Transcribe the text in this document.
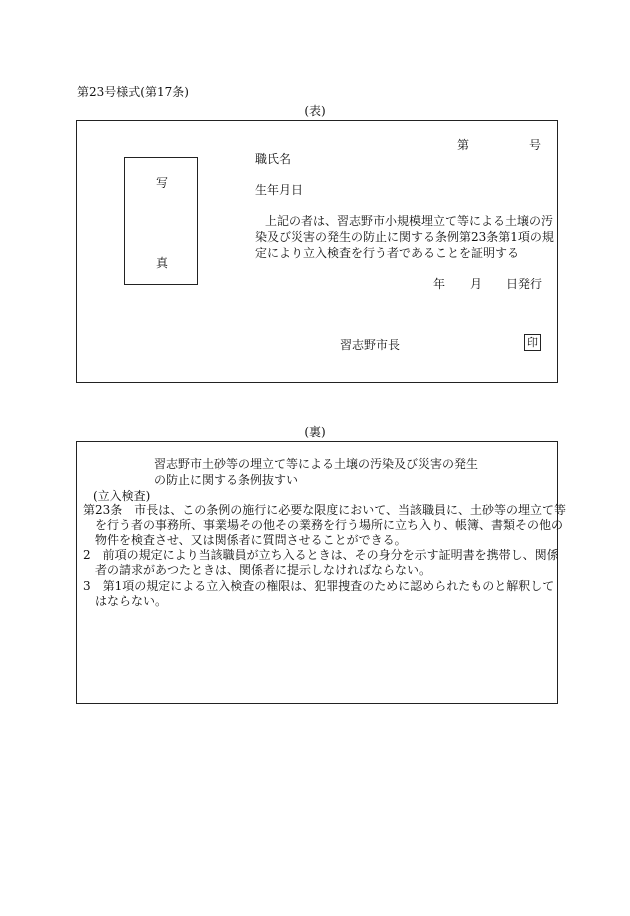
第23号様式(第17条)
(表)
第	号
写
真
職氏名
生年月日
上記の者は、習志野市小規模埋立て等による土壌の汚
染及び災害の発生の防止に関する条例第23条第1項の規
定により立入検査を行う者であることを証明する
年 月 日発行
習志野市長	印
(裏)
習志野市土砂等の埋立て等による土壌の汚染及び災害の発生
の防止に関する条例抜すい
(立入検査)
第23条　市長は、この条例の施行に必要な限度において、当該職員に、土砂等の埋立て等
を行う者の事務所、事業場その他その業務を行う場所に立ち入り、帳簿、書類その他の
物件を検査させ、又は関係者に質問させることができる。
2　前項の規定により当該職員が立ち入るときは、その身分を示す証明書を携帯し、関係
者の請求があつたときは、関係者に提示しなければならない。
3　第1項の規定による立入検査の権限は、犯罪捜査のために認められたものと解釈して
はならない。
